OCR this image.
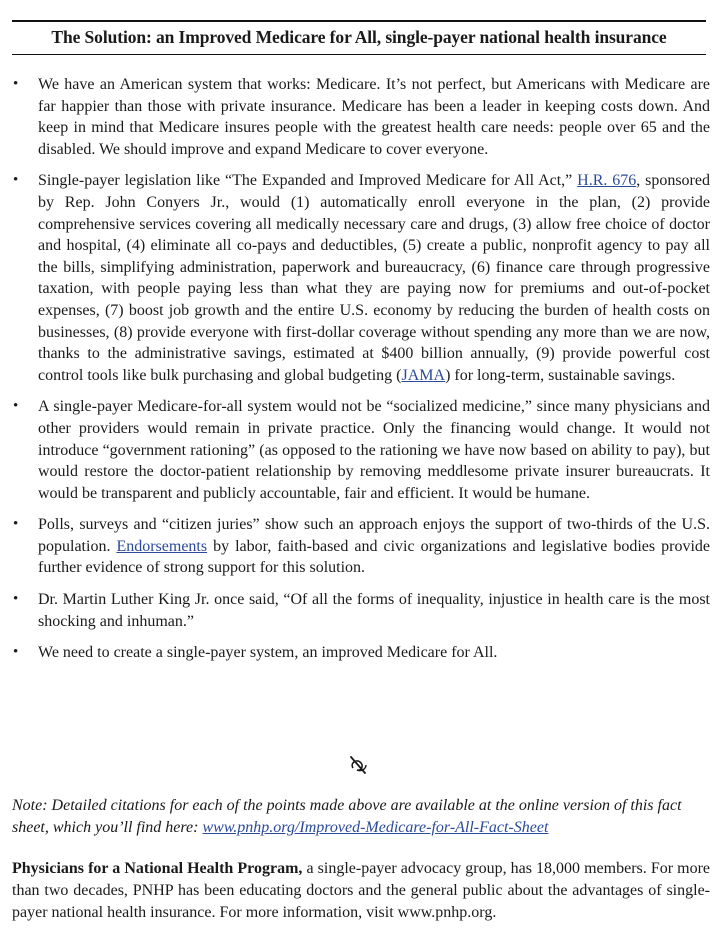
The Solution: an Improved Medicare for All, single-payer national health insurance
• We have an American system that works: Medicare. It’s not perfect, but Americans with Medicare are far happier than those with private insurance. Medicare has been a leader in keeping costs down. And keep in mind that Medicare insures people with the greatest health care needs: people over 65 and the disabled. We should improve and expand Medicare to cover everyone.
• Single-payer legislation like “The Expanded and Improved Medicare for All Act,” H.R. 676, sponsored by Rep. John Conyers Jr., would (1) automatically enroll everyone in the plan, (2) provide comprehensive services covering all medically necessary care and drugs, (3) allow free choice of doctor and hospital, (4) eliminate all co-pays and deductibles, (5) create a public, nonprofit agency to pay all the bills, simplifying administration, paperwork and bureaucracy, (6) finance care through progressive taxation, with people paying less than what they are paying now for premiums and out-of-pocket expenses, (7) boost job growth and the entire U.S. economy by reducing the burden of health costs on businesses, (8) provide everyone with first-dollar coverage without spending any more than we are now, thanks to the administrative savings, estimated at $400 billion annually, (9) provide powerful cost control tools like bulk purchasing and global budgeting (JAMA) for long-term, sustainable savings.
• A single-payer Medicare-for-all system would not be “socialized medicine,” since many physicians and other providers would remain in private practice. Only the financing would change. It would not introduce “government rationing” (as opposed to the rationing we have now based on ability to pay), but would restore the doctor-patient relationship by removing meddlesome private insurer bureaucrats. It would be transparent and publicly accountable, fair and efficient. It would be humane.
• Polls, surveys and “citizen juries” show such an approach enjoys the support of two-thirds of the U.S. population. Endorsements by labor, faith-based and civic organizations and legislative bodies provide further evidence of strong support for this solution.
• Dr. Martin Luther King Jr. once said, “Of all the forms of inequality, injustice in health care is the most shocking and inhuman.”
• We need to create a single-payer system, an improved Medicare for All.
Note: Detailed citations for each of the points made above are available at the online version of this fact sheet, which you’ll find here: www.pnhp.org/Improved-Medicare-for-All-Fact-Sheet
Physicians for a National Health Program, a single-payer advocacy group, has 18,000 members. For more than two decades, PNHP has been educating doctors and the general public about the advantages of single-payer national health insurance. For more information, visit www.pnhp.org.
